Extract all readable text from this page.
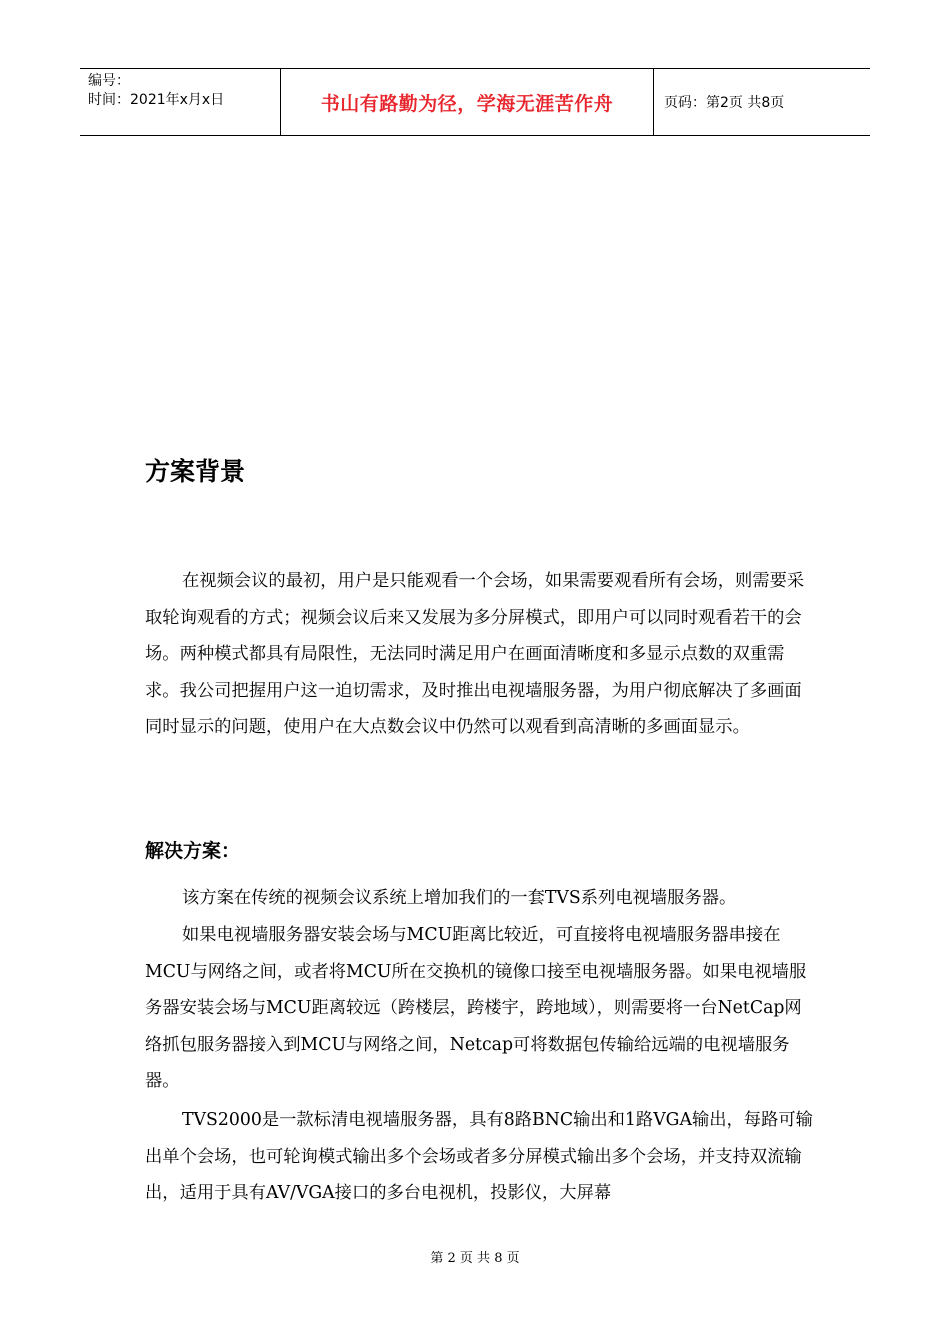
编号：
时间：2021年x月x日	书山有路勤为径，学海无涯苦作舟	页码：第2页 共8页
方案背景

在视频会议的最初，用户是只能观看一个会场，如果需要观看所有会场，则需要采取轮询观看的方式；视频会议后来又发展为多分屏模式，即用户可以同时观看若干的会场。两种模式都具有局限性，无法同时满足用户在画面清晰度和多显示点数的双重需求。我公司把握用户这一迫切需求，及时推出电视墙服务器，为用户彻底解决了多画面同时显示的问题，使用户在大点数会议中仍然可以观看到高清晰的多画面显示。

解决方案：

该方案在传统的视频会议系统上增加我们的一套TVS系列电视墙服务器。

如果电视墙服务器安装会场与MCU距离比较近，可直接将电视墙服务器串接在MCU与网络之间，或者将MCU所在交换机的镜像口接至电视墙服务器。如果电视墙服务器安装会场与MCU距离较远（跨楼层，跨楼宇，跨地域），则需要将一台NetCap网络抓包服务器接入到MCU与网络之间，Netcap可将数据包传输给远端的电视墙服务器。

TVS2000是一款标清电视墙服务器，具有8路BNC输出和1路VGA输出，每路可输出单个会场，也可轮询模式输出多个会场或者多分屏模式输出多个会场，并支持双流输出，适用于具有AV/VGA接口的多台电视机，投影仪，大屏幕

第 2 页 共 8 页
